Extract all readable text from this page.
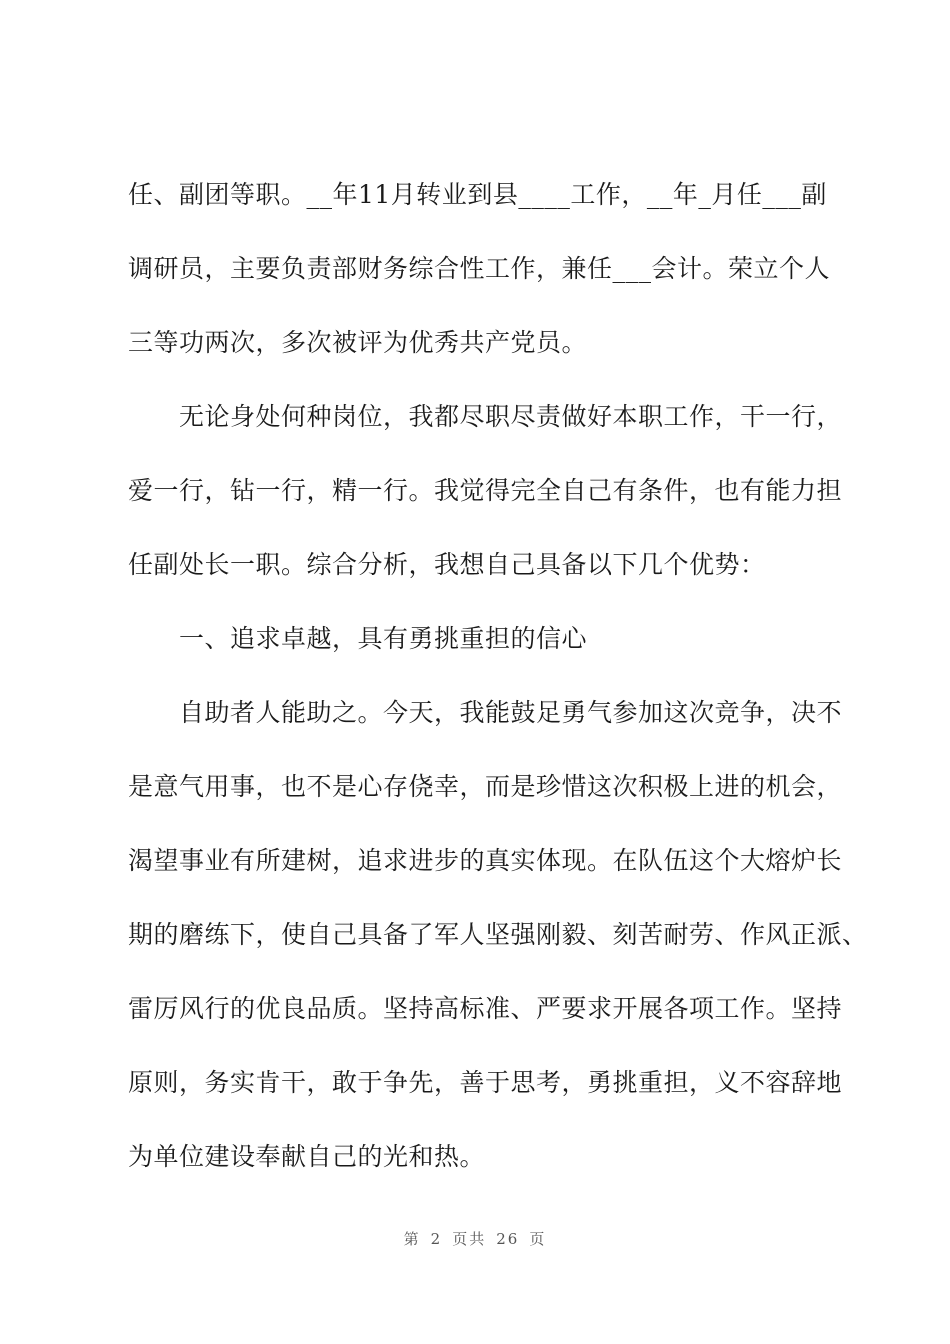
任、副团等职。__年11月转业到县____工作，__年_月任___副
调研员，主要负责部财务综合性工作，兼任___会计。荣立个人
三等功两次，多次被评为优秀共产党员。
　　无论身处何种岗位，我都尽职尽责做好本职工作，干一行，
爱一行，钻一行，精一行。我觉得完全自己有条件，也有能力担
任副处长一职。综合分析，我想自己具备以下几个优势：
　　一、追求卓越，具有勇挑重担的信心
　　自助者人能助之。今天，我能鼓足勇气参加这次竞争，决不
是意气用事，也不是心存侥幸，而是珍惜这次积极上进的机会，
渴望事业有所建树，追求进步的真实体现。在队伍这个大熔炉长
期的磨练下，使自己具备了军人坚强刚毅、刻苦耐劳、作风正派、
雷厉风行的优良品质。坚持高标准、严要求开展各项工作。坚持
原则，务实肯干，敢于争先，善于思考，勇挑重担，义不容辞地
为单位建设奉献自己的光和热。
第 2 页共 26 页
